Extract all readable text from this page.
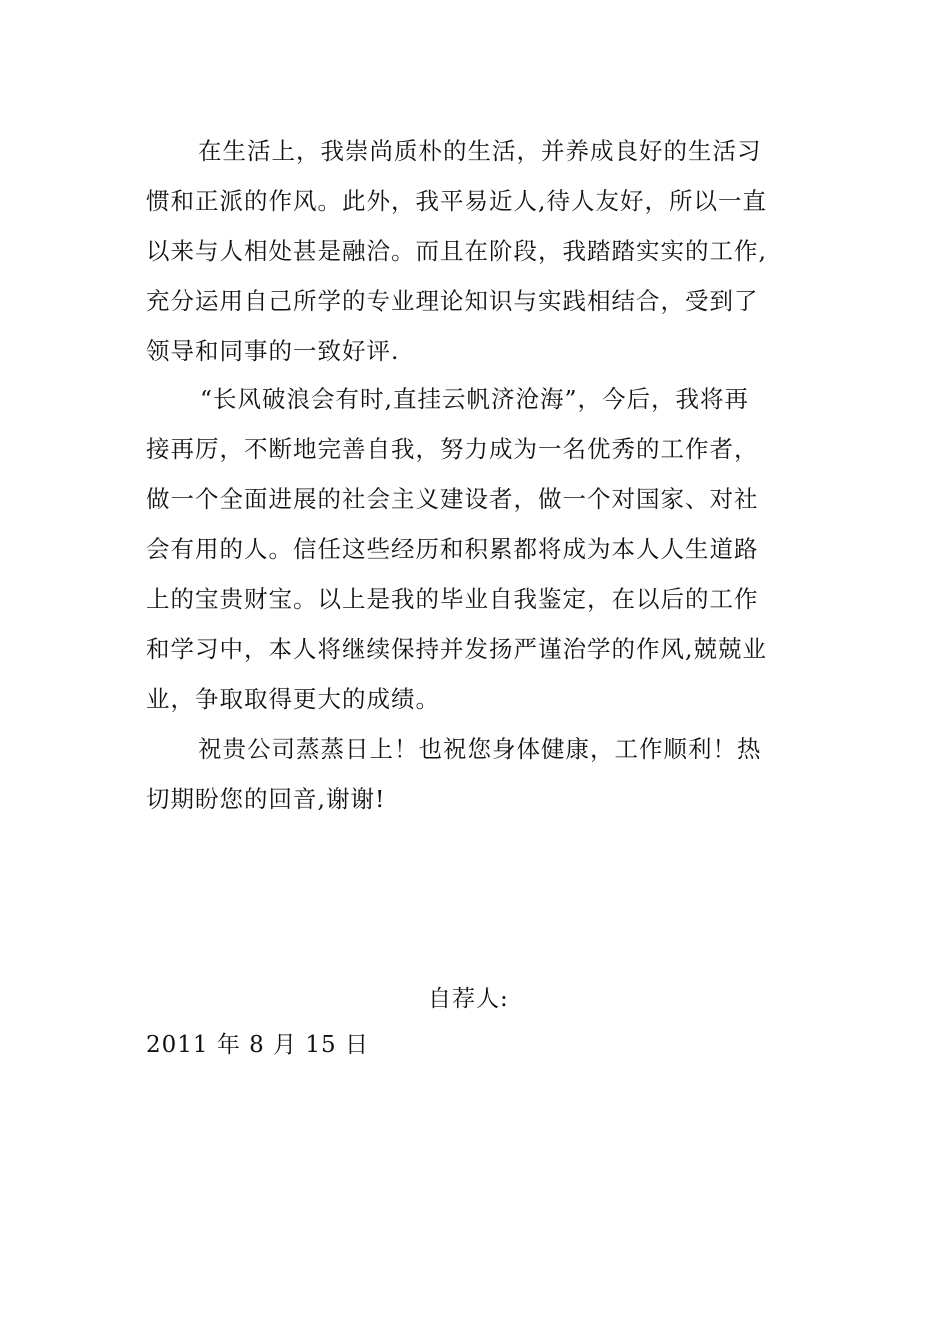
在生活上，我崇尚质朴的生活，并养成良好的生活习
惯和正派的作风。此外，我平易近人,待人友好，所以一直
以来与人相处甚是融洽。而且在阶段，我踏踏实实的工作,
充分运用自己所学的专业理论知识与实践相结合，受到了
领导和同事的一致好评.
“长风破浪会有时,直挂云帆济沧海”，今后，我将再
接再厉，不断地完善自我，努力成为一名优秀的工作者，
做一个全面进展的社会主义建设者，做一个对国家、对社
会有用的人。信任这些经历和积累都将成为本人人生道路
上的宝贵财宝。以上是我的毕业自我鉴定，在以后的工作
和学习中，本人将继续保持并发扬严谨治学的作风,兢兢业
业，争取取得更大的成绩。
祝贵公司蒸蒸日上！也祝您身体健康，工作顺利！热
切期盼您的回音,谢谢!
自荐人:
2011 年 8 月 15 日
